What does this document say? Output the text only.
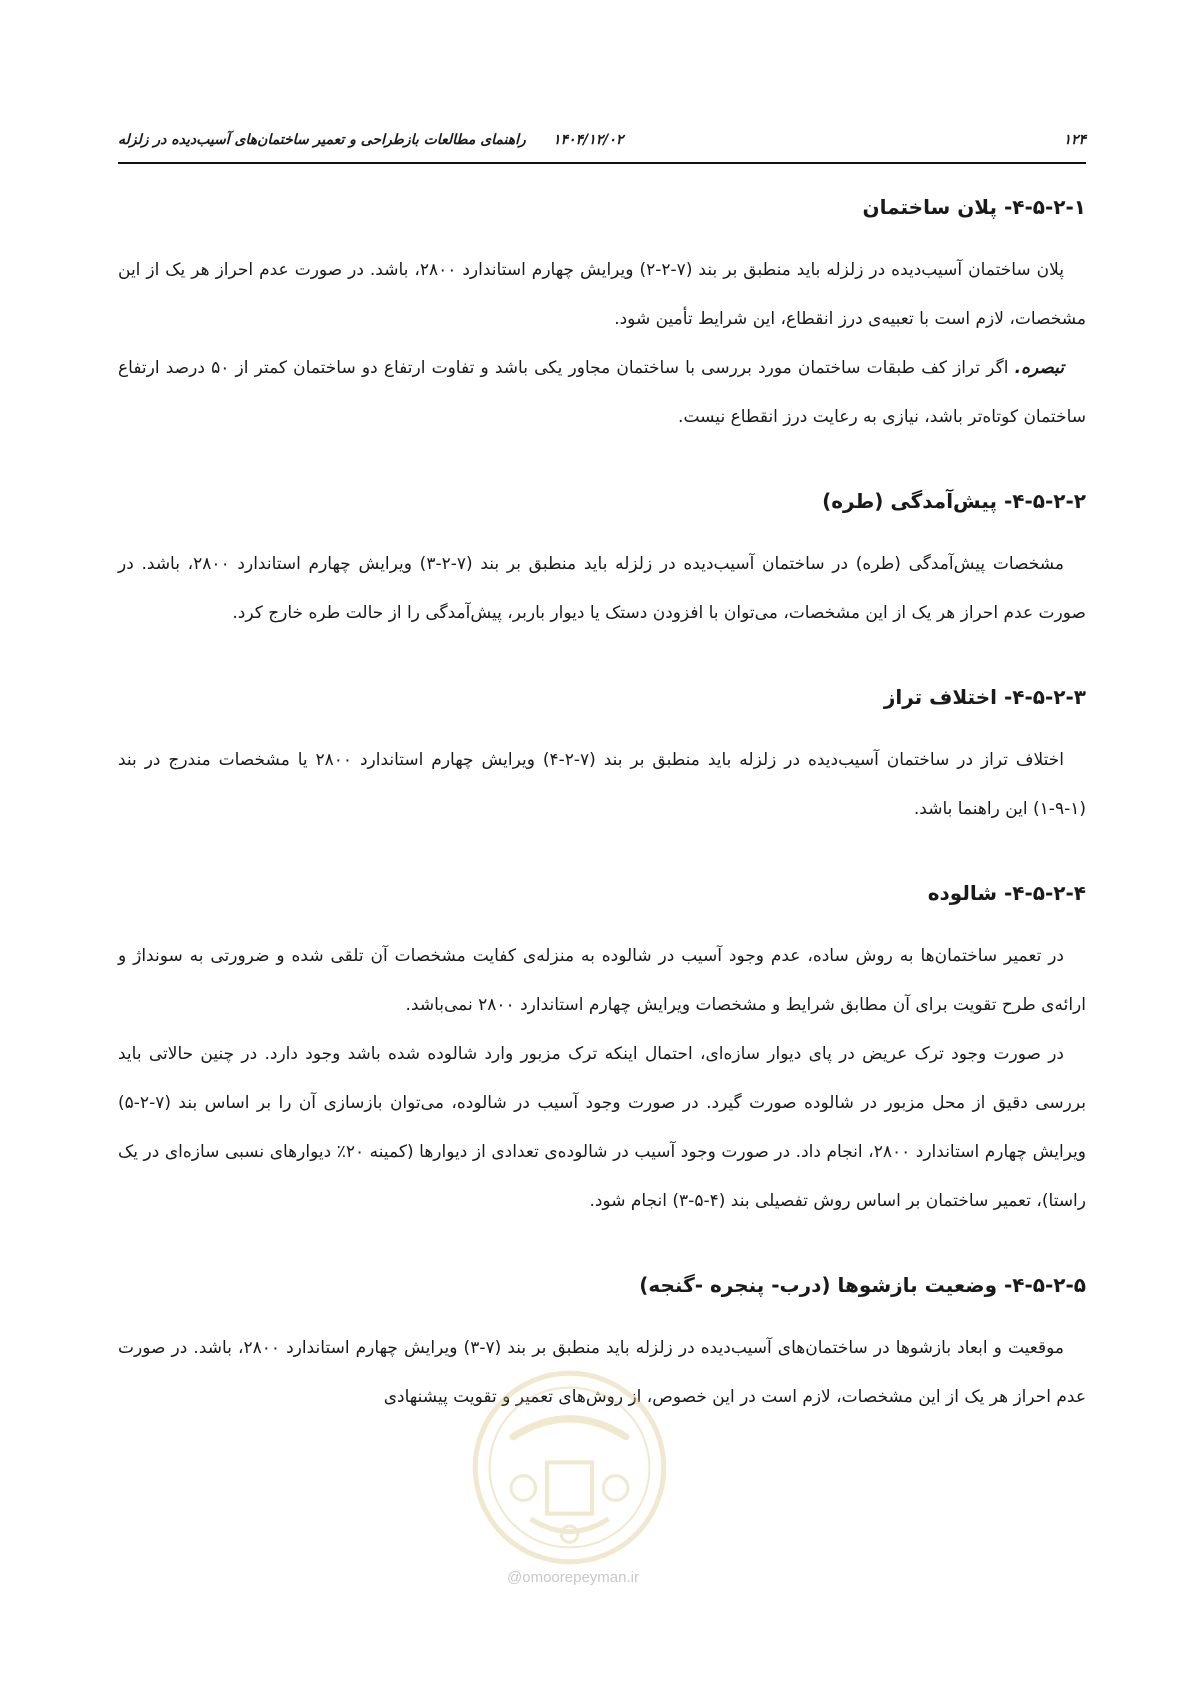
۱۲۴
۱۴۰۴/۱۲/۰۲
راهنمای مطالعات بازطراحی و تعمیر ساختمان‌های آسیب‌دیده در زلزله
۴-۵-۲-۱- پلان ساختمان

پلان ساختمان آسیب‌دیده در زلزله باید منطبق بر بند (۷-۲-۲) ویرایش چهارم استاندارد ۲۸۰۰، باشد. در صورت عدم احراز هر یک از این مشخصات، لازم است با تعبیه‌ی درز انقطاع، این شرایط تأمین شود.

تبصره. اگر تراز کف طبقات ساختمان مورد بررسی با ساختمان مجاور یکی باشد و تفاوت ارتفاع دو ساختمان کمتر از ۵۰ درصد ارتفاع ساختمان کوتاه‌تر باشد، نیازی به رعایت درز انقطاع نیست.

۴-۵-۲-۲- پیش‌آمدگی (طره)

مشخصات پیش‌آمدگی (طره) در ساختمان آسیب‌دیده در زلزله باید منطبق بر بند (۷-۲-۳) ویرایش چهارم استاندارد ۲۸۰۰، باشد. در صورت عدم احراز هر یک از این مشخصات، می‌توان با افزودن دستک یا دیوار باربر، پیش‌آمدگی را از حالت طره خارج کرد.

۴-۵-۲-۳- اختلاف تراز

اختلاف تراز در ساختمان آسیب‌دیده در زلزله باید منطبق بر بند (۷-۲-۴) ویرایش چهارم استاندارد ۲۸۰۰ یا مشخصات مندرج در بند (۱-۹-۱) این راهنما باشد.

۴-۵-۲-۴- شالوده

در تعمیر ساختمان‌ها به روش ساده، عدم وجود آسیب در شالوده به منزله‌ی کفایت مشخصات آن تلقی شده و ضرورتی به سونداژ و ارائه‌ی طرح تقویت برای آن مطابق شرایط و مشخصات ویرایش چهارم استاندارد ۲۸۰۰ نمی‌باشد.

در صورت وجود ترک عریض در پای دیوار سازه‌ای، احتمال اینکه ترک مزبور وارد شالوده شده باشد وجود دارد. در چنین حالاتی باید بررسی دقیق از محل مزبور در شالوده صورت گیرد. در صورت وجود آسیب در شالوده، می‌توان بازسازی آن را بر اساس بند (۷-۲-۵) ویرایش چهارم استاندارد ۲۸۰۰، انجام داد. در صورت وجود آسیب در شالوده‌ی تعدادی از دیوارها (کمینه ۲۰٪ دیوارهای نسبی سازه‌ای در یک راستا)، تعمیر ساختمان بر اساس روش تفصیلی بند (۴-۵-۳) انجام شود.

۴-۵-۲-۵- وضعیت بازشوها (درب- پنجره -گنجه)

موقعیت و ابعاد بازشوها در ساختمان‌های آسیب‌دیده در زلزله باید منطبق بر بند (۷-۳) ویرایش چهارم استاندارد ۲۸۰۰، باشد. در صورت عدم احراز هر یک از این مشخصات، لازم است در این خصوص، از روش‌های تعمیر و تقویت پیشنهادی

@omoorepeyman.ir
